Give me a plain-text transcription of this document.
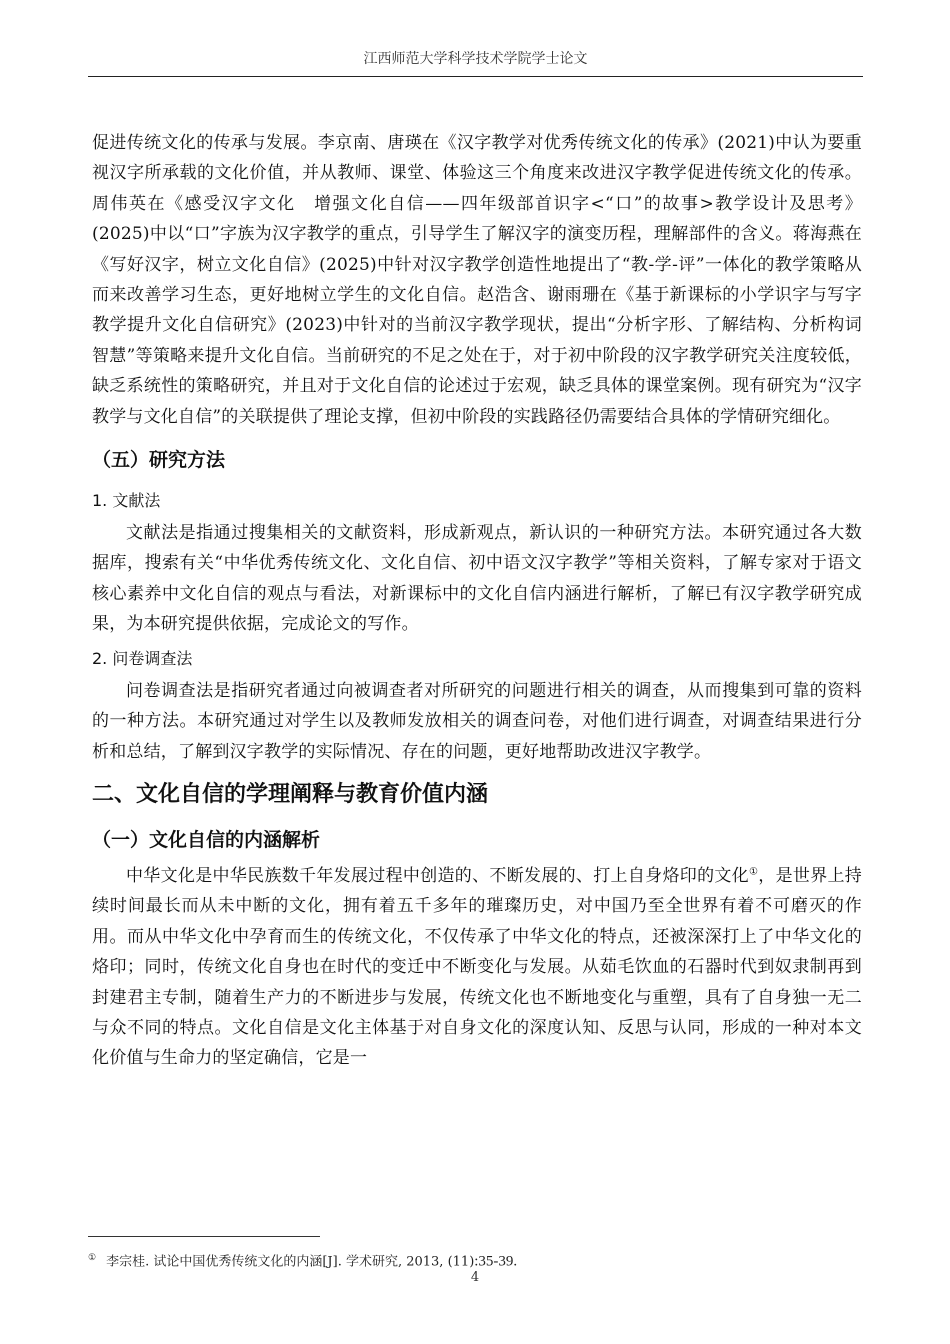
江西师范大学科学技术学院学士论文

促进传统文化的传承与发展。李京南、唐瑛在《汉字教学对优秀传统文化的传承》(2021)中认为要重视汉字所承载的文化价值，并从教师、课堂、体验这三个角度来改进汉字教学促进传统文化的传承。周伟英在《感受汉字文化　增强文化自信——四年级部首识字<“口”的故事>教学设计及思考》(2025)中以“口”字族为汉字教学的重点，引导学生了解汉字的演变历程，理解部件的含义。蒋海燕在《写好汉字，树立文化自信》(2025)中针对汉字教学创造性地提出了“教-学-评”一体化的教学策略从而来改善学习生态，更好地树立学生的文化自信。赵浩含、谢雨珊在《基于新课标的小学识字与写字教学提升文化自信研究》(2023)中针对的当前汉字教学现状，提出“分析字形、了解结构、分析构词智慧”等策略来提升文化自信。当前研究的不足之处在于，对于初中阶段的汉字教学研究关注度较低，缺乏系统性的策略研究，并且对于文化自信的论述过于宏观，缺乏具体的课堂案例。现有研究为“汉字教学与文化自信”的关联提供了理论支撑，但初中阶段的实践路径仍需要结合具体的学情研究细化。

（五）研究方法
1. 文献法

文献法是指通过搜集相关的文献资料，形成新观点，新认识的一种研究方法。本研究通过各大数据库，搜索有关“中华优秀传统文化、文化自信、初中语文汉字教学”等相关资料，了解专家对于语文核心素养中文化自信的观点与看法，对新课标中的文化自信内涵进行解析，了解已有汉字教学研究成果，为本研究提供依据，完成论文的写作。

2. 问卷调查法

问卷调查法是指研究者通过向被调查者对所研究的问题进行相关的调查，从而搜集到可靠的资料的一种方法。本研究通过对学生以及教师发放相关的调查问卷，对他们进行调查，对调查结果进行分析和总结，了解到汉字教学的实际情况、存在的问题，更好地帮助改进汉字教学。

二、文化自信的学理阐释与教育价值内涵
（一）文化自信的内涵解析

中华文化是中华民族数千年发展过程中创造的、不断发展的、打上自身烙印的文化①，是世界上持续时间最长而从未中断的文化，拥有着五千多年的璀璨历史，对中国乃至全世界有着不可磨灭的作用。而从中华文化中孕育而生的传统文化，不仅传承了中华文化的特点，还被深深打上了中华文化的烙印；同时，传统文化自身也在时代的变迁中不断变化与发展。从茹毛饮血的石器时代到奴隶制再到封建君主专制，随着生产力的不断进步与发展，传统文化也不断地变化与重塑，具有了自身独一无二与众不同的特点。文化自信是文化主体基于对自身文化的深度认知、反思与认同，形成的一种对本文化价值与生命力的坚定确信，它是一

① 李宗桂. 试论中国优秀传统文化的内涵[J]. 学术研究, 2013, (11):35-39.
4
